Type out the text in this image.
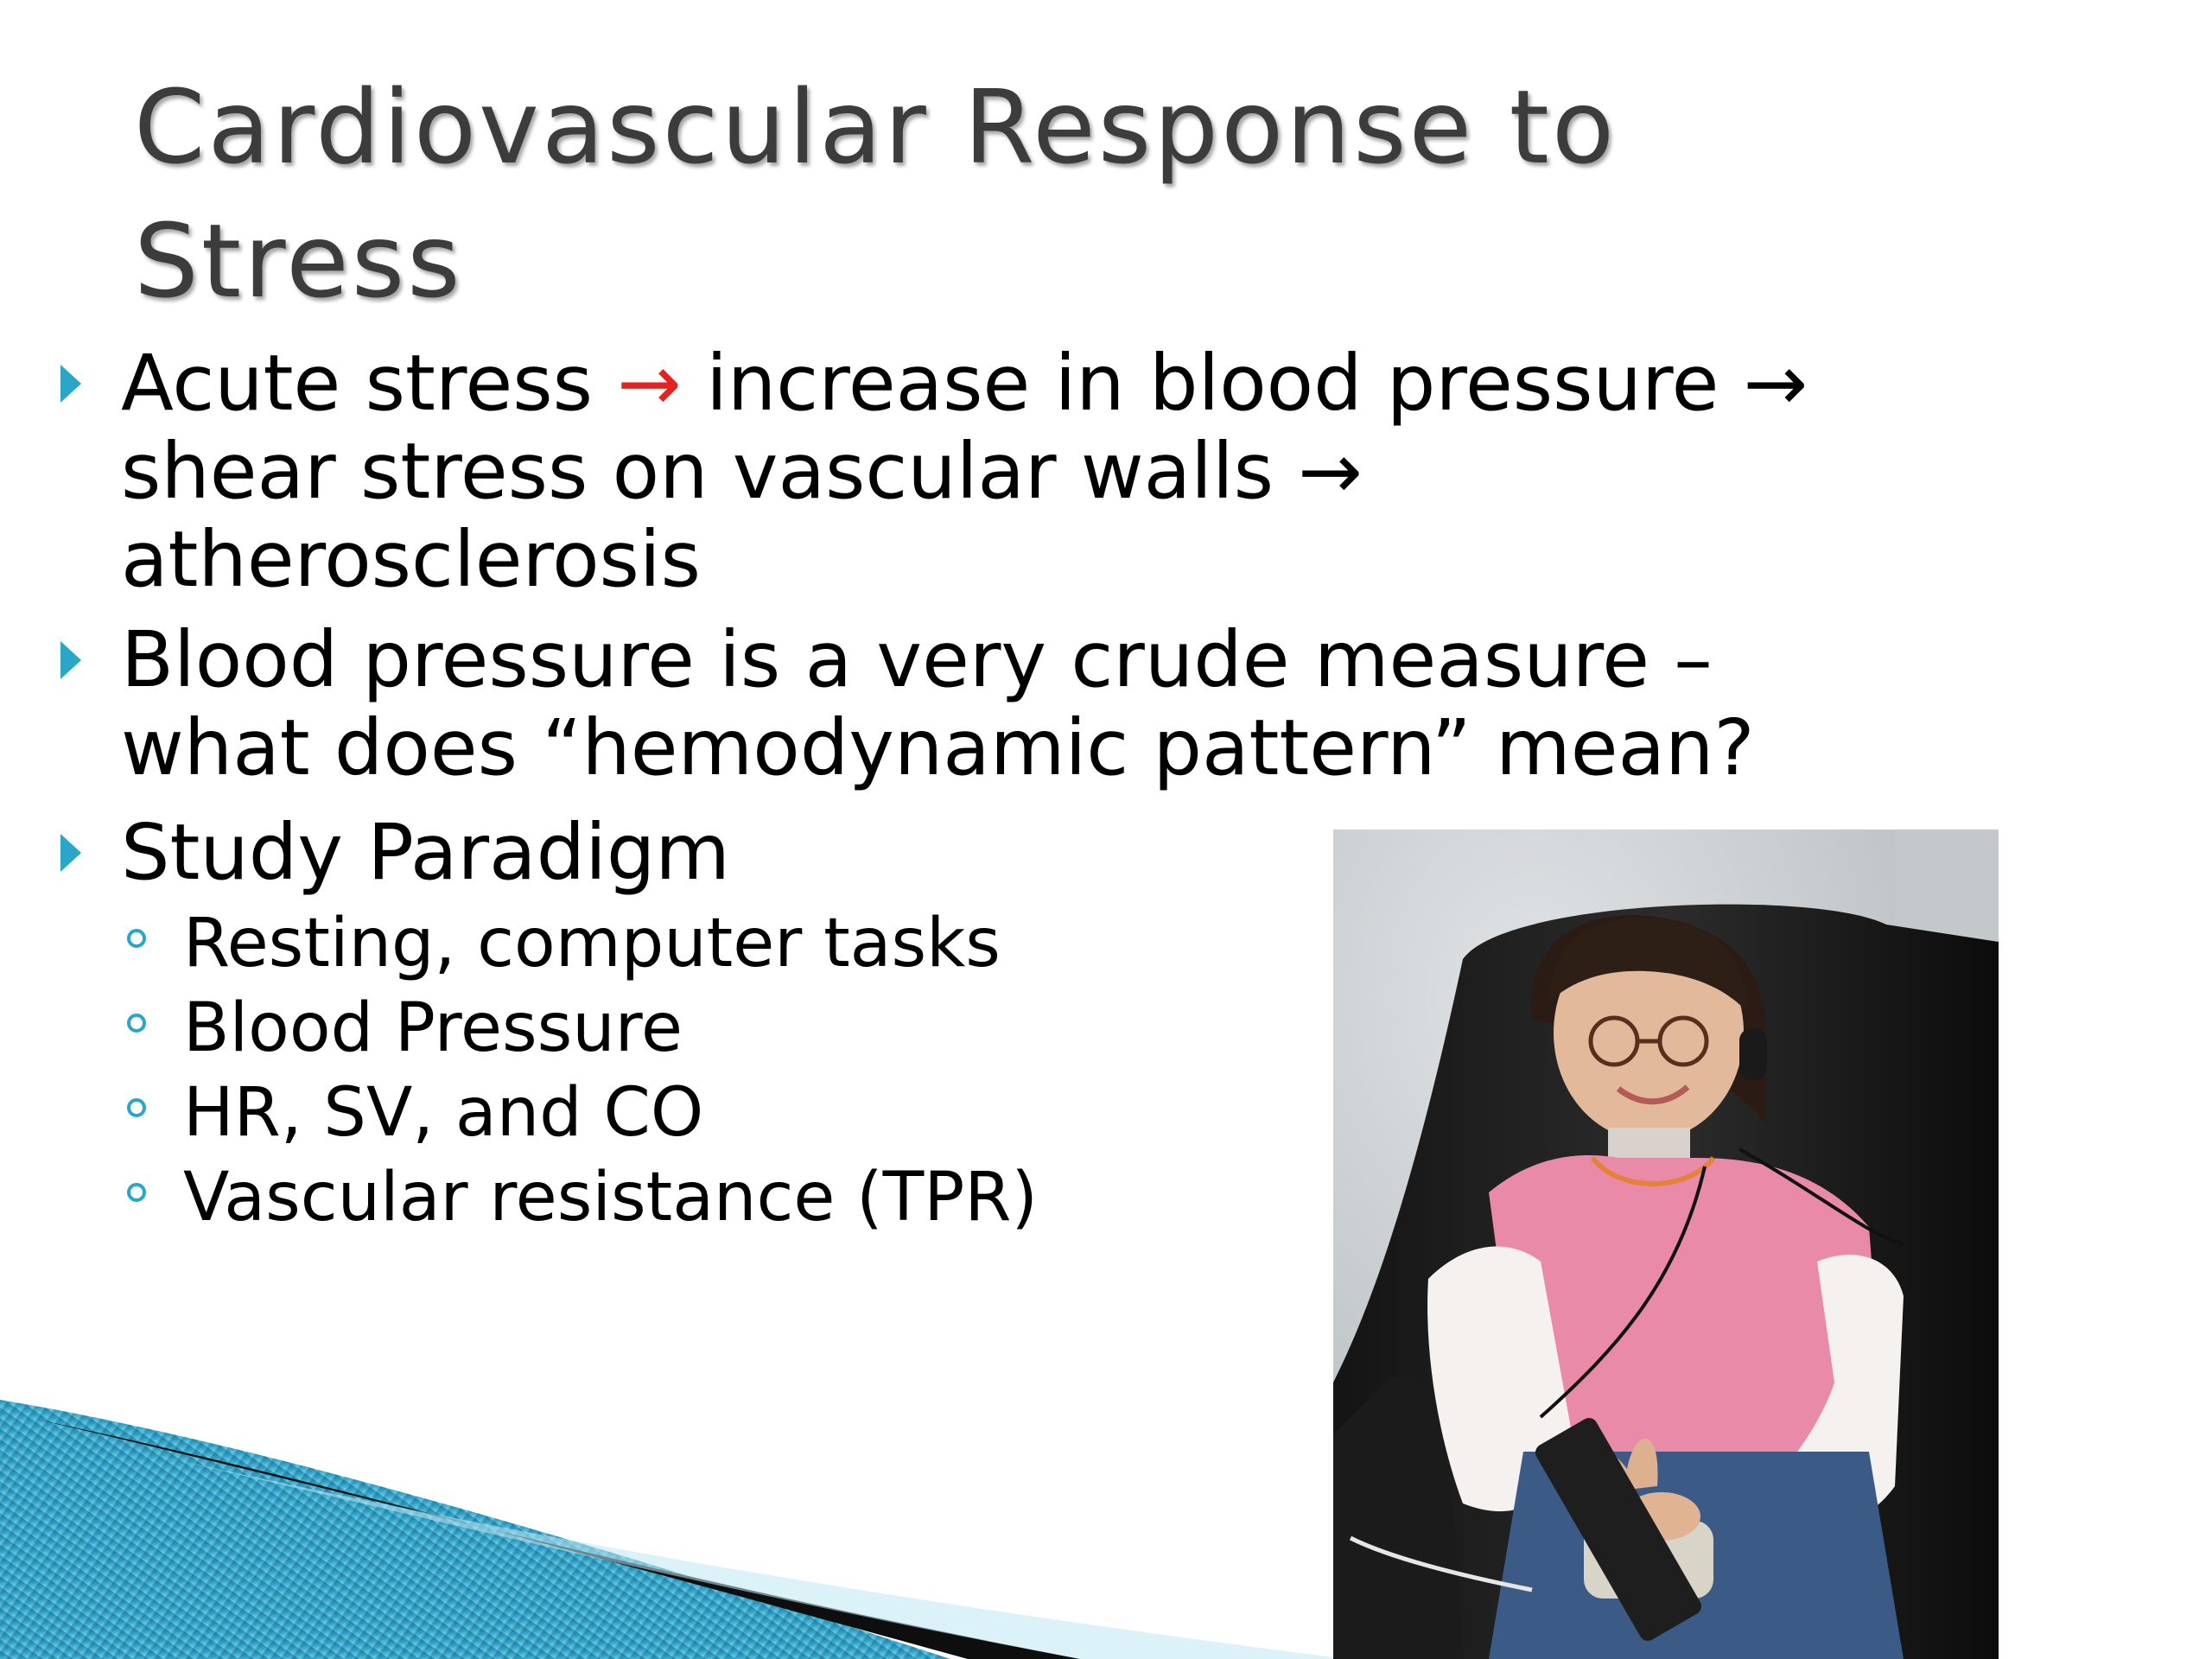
Cardiovascular Response to Stress
Acute stress → increase in blood pressure →
shear stress on vascular walls →
atherosclerosis
Blood pressure is a very crude measure – what does “hemodynamic pattern” mean?
Study Paradigm
Resting, computer tasks
Blood Pressure
HR, SV, and CO
Vascular resistance (TPR)
